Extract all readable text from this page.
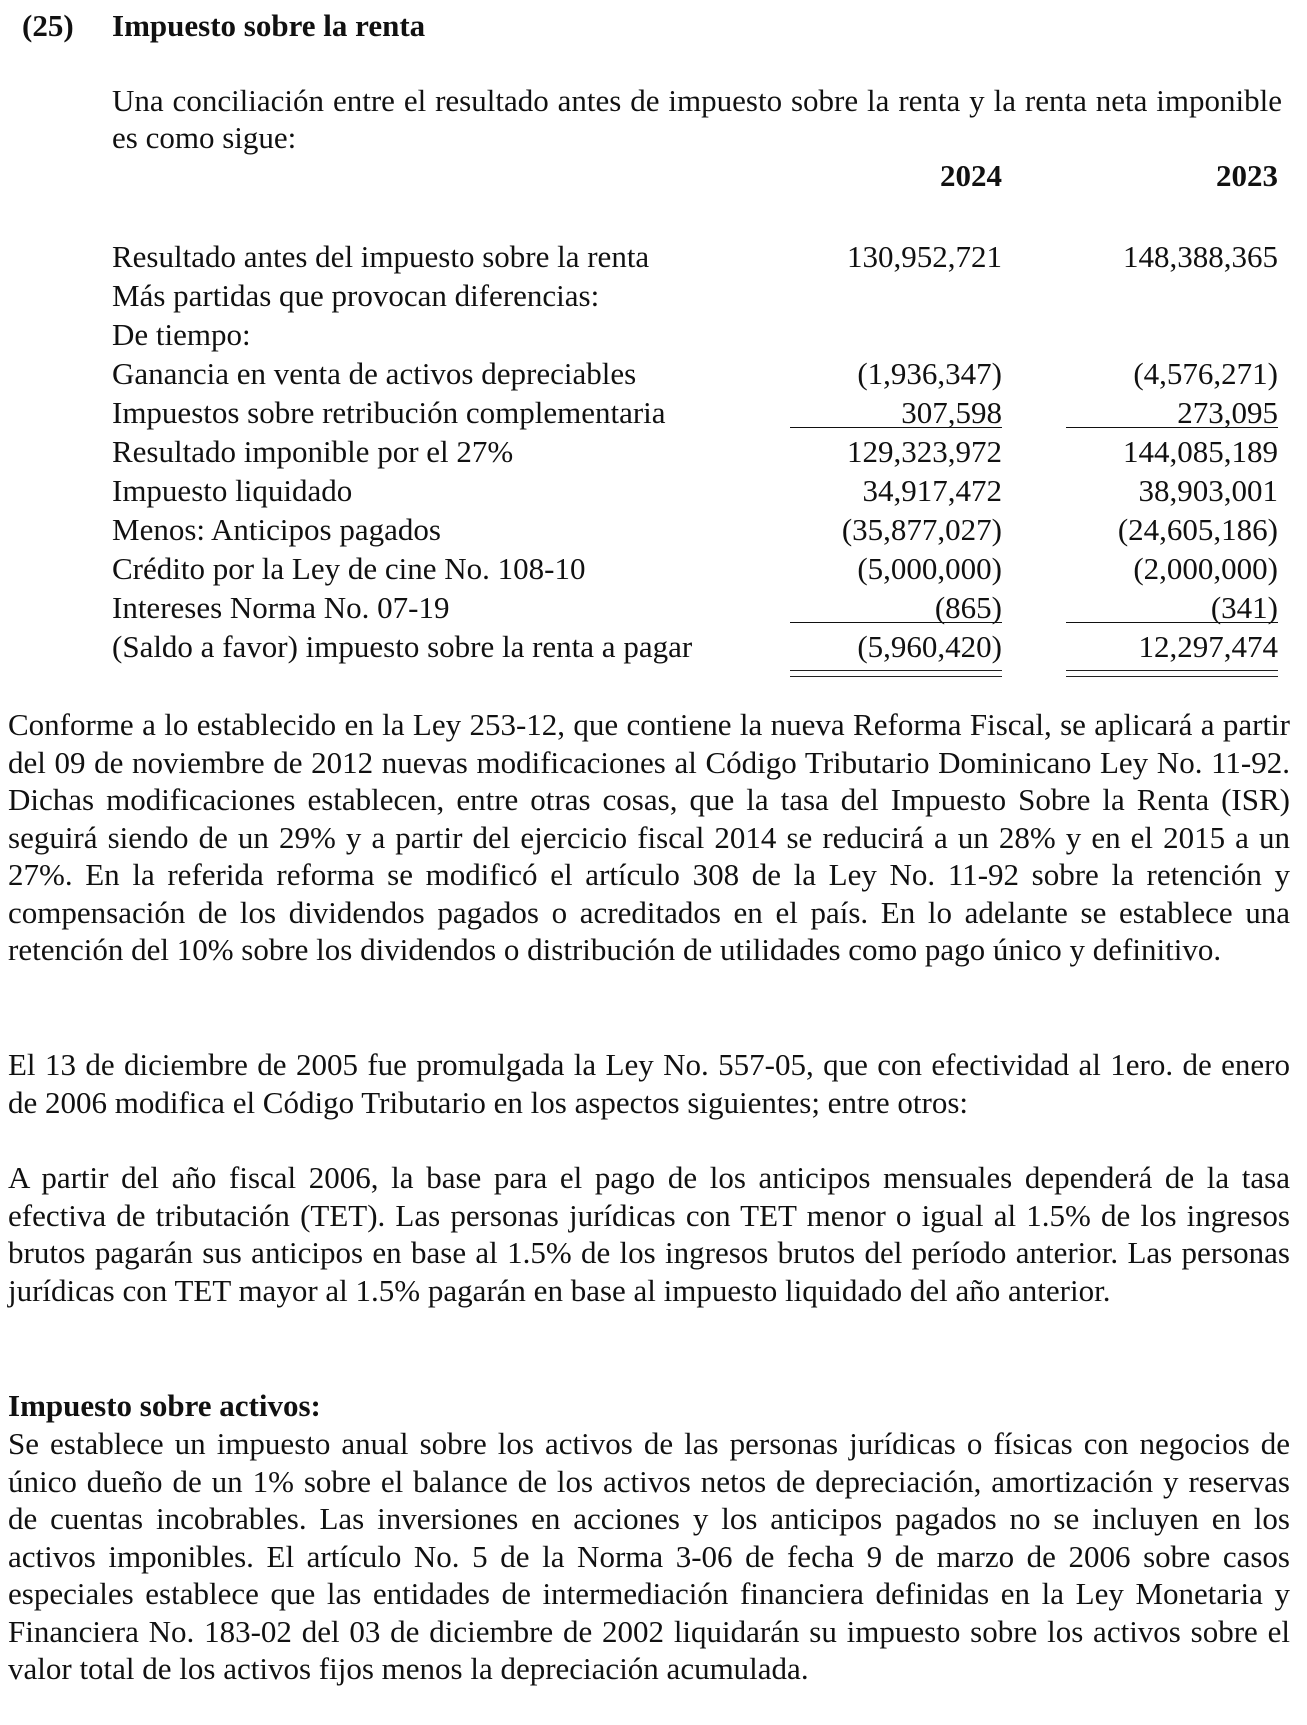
(25) Impuesto sobre la renta
Una conciliación entre el resultado antes de impuesto sobre la renta y la renta neta imponible es como sigue:
2024	2023
Resultado antes del impuesto sobre la renta	130,952,721	148,388,365
Más partidas que provocan diferencias:
De tiempo:
Ganancia en venta de activos depreciables	(1,936,347)	(4,576,271)
Impuestos sobre retribución complementaria	307,598	273,095
Resultado imponible por el 27%	129,323,972	144,085,189
Impuesto liquidado	34,917,472	38,903,001
Menos: Anticipos pagados	(35,877,027)	(24,605,186)
Crédito por la Ley de cine No. 108-10	(5,000,000)	(2,000,000)
Intereses Norma No. 07-19	(865)	(341)
(Saldo a favor) impuesto sobre la renta a pagar	(5,960,420)	12,297,474

Conforme a lo establecido en la Ley 253-12, que contiene la nueva Reforma Fiscal, se aplicará a partir del 09 de noviembre de 2012 nuevas modificaciones al Código Tributario Dominicano Ley No. 11-92. Dichas modificaciones establecen, entre otras cosas, que la tasa del Impuesto Sobre la Renta (ISR) seguirá siendo de un 29% y a partir del ejercicio fiscal 2014 se reducirá a un 28% y en el 2015 a un 27%. En la referida reforma se modificó el artículo 308 de la Ley No. 11-92 sobre la retención y compensación de los dividendos pagados o acreditados en el país. En lo adelante se establece una retención del 10% sobre los dividendos o distribución de utilidades como pago único y definitivo.

El 13 de diciembre de 2005 fue promulgada la Ley No. 557-05, que con efectividad al 1ero. de enero de 2006 modifica el Código Tributario en los aspectos siguientes; entre otros:

A partir del año fiscal 2006, la base para el pago de los anticipos mensuales dependerá de la tasa efectiva de tributación (TET). Las personas jurídicas con TET menor o igual al 1.5% de los ingresos brutos pagarán sus anticipos en base al 1.5% de los ingresos brutos del período anterior. Las personas jurídicas con TET mayor al 1.5% pagarán en base al impuesto liquidado del año anterior.

Impuesto sobre activos:

Se establece un impuesto anual sobre los activos de las personas jurídicas o físicas con negocios de único dueño de un 1% sobre el balance de los activos netos de depreciación, amortización y reservas de cuentas incobrables. Las inversiones en acciones y los anticipos pagados no se incluyen en los activos imponibles. El artículo No. 5 de la Norma 3-06 de fecha 9 de marzo de 2006 sobre casos especiales establece que las entidades de intermediación financiera definidas en la Ley Monetaria y Financiera No. 183-02 del 03 de diciembre de 2002 liquidarán su impuesto sobre los activos sobre el valor total de los activos fijos menos la depreciación acumulada.
